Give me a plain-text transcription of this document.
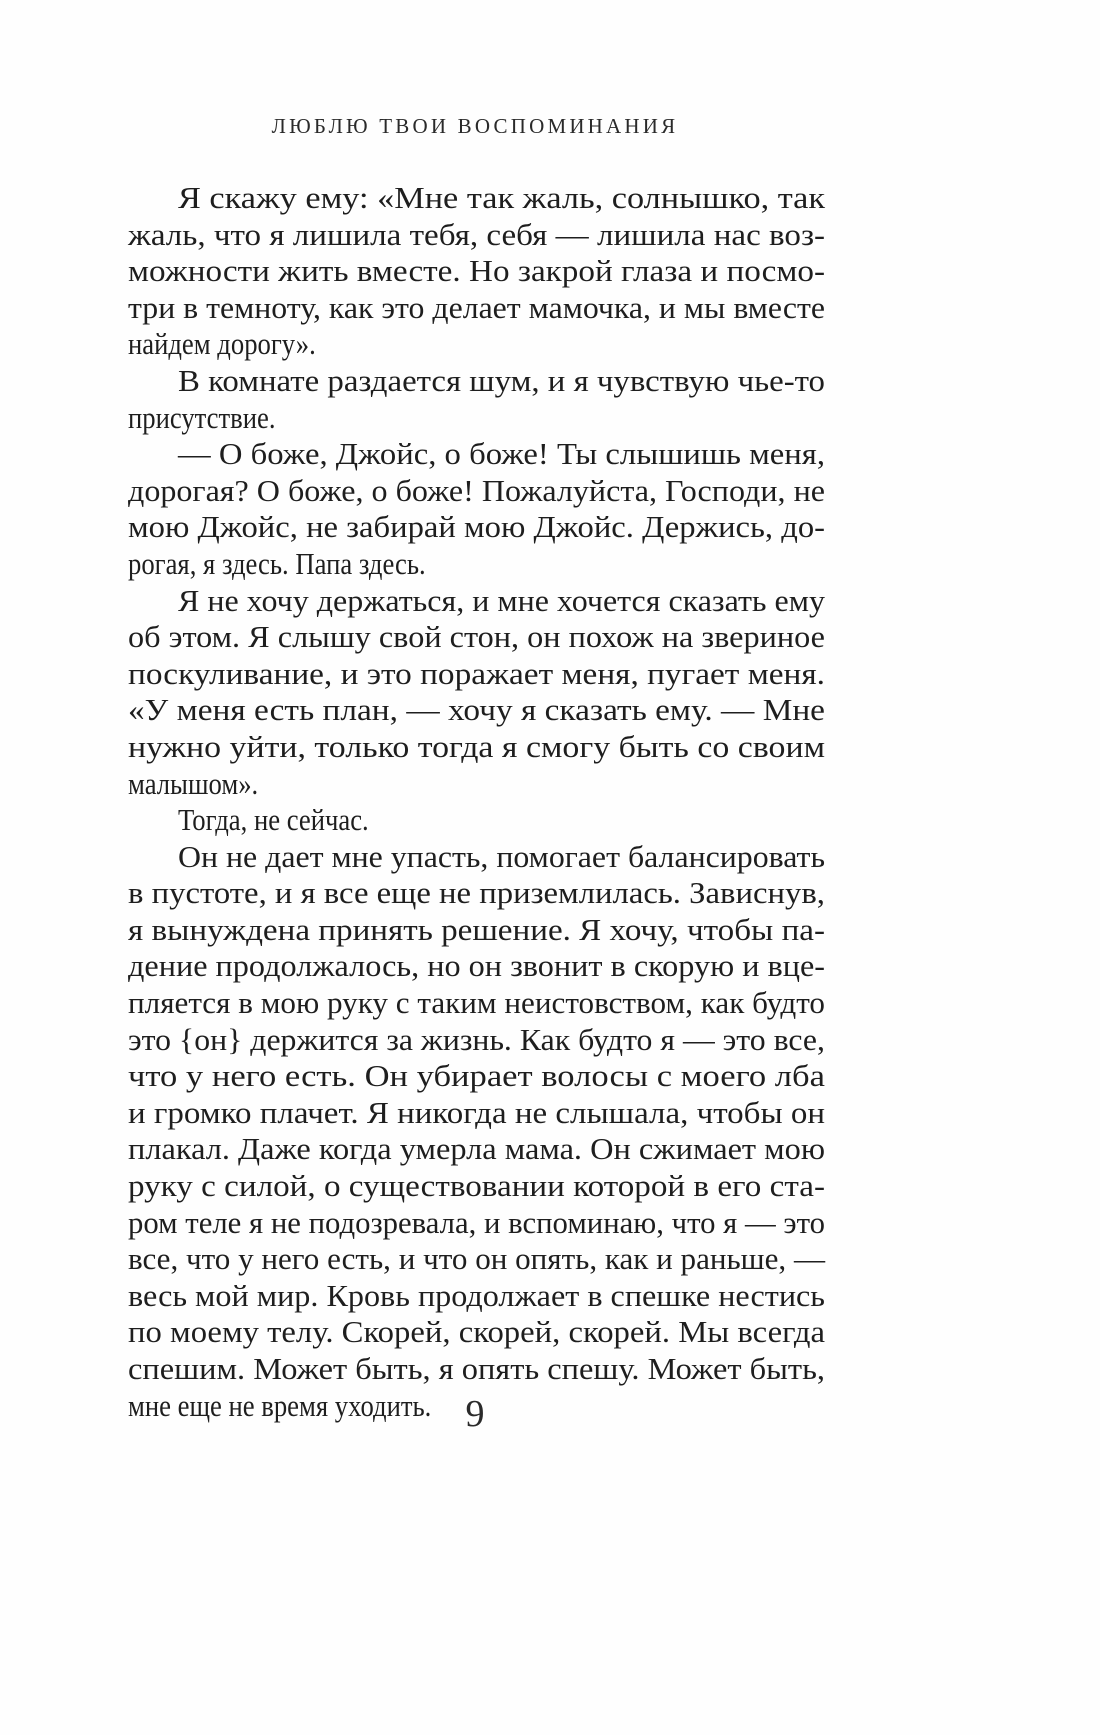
ЛЮБЛЮ ТВОИ ВОСПОМИНАНИЯ
Я скажу ему: «Мне так жаль, солнышко, так
жаль, что я лишила тебя, себя — лишила нас воз-
можности жить вместе. Но закрой глаза и посмо-
три в темноту, как это делает мамочка, и мы вместе
найдем дорогу».
В комнате раздается шум, и я чувствую чье-то
присутствие.
— О боже, Джойс, о боже! Ты слышишь меня,
дорогая? О боже, о боже! Пожалуйста, Господи, не
мою Джойс, не забирай мою Джойс. Держись, до-
рогая, я здесь. Папа здесь.
Я не хочу держаться, и мне хочется сказать ему
об этом. Я слышу свой стон, он похож на звериное
поскуливание, и это поражает меня, пугает меня.
«У меня есть план, — хочу я сказать ему. — Мне
нужно уйти, только тогда я смогу быть со своим
малышом».
Тогда, не сейчас.
Он не дает мне упасть, помогает балансировать
в пустоте, и я все еще не приземлилась. Зависнув,
я вынуждена принять решение. Я хочу, чтобы па-
дение продолжалось, но он звонит в скорую и вце-
пляется в мою руку с таким неистовством, как будто
это {он} держится за жизнь. Как будто я — это все,
что у него есть. Он убирает волосы с моего лба
и громко плачет. Я никогда не слышала, чтобы он
плакал. Даже когда умерла мама. Он сжимает мою
руку с силой, о существовании которой в его ста-
ром теле я не подозревала, и вспоминаю, что я — это
все, что у него есть, и что он опять, как и раньше, —
весь мой мир. Кровь продолжает в спешке нестись
по моему телу. Скорей, скорей, скорей. Мы всегда
спешим. Может быть, я опять спешу. Может быть,
мне еще не время уходить. 9
